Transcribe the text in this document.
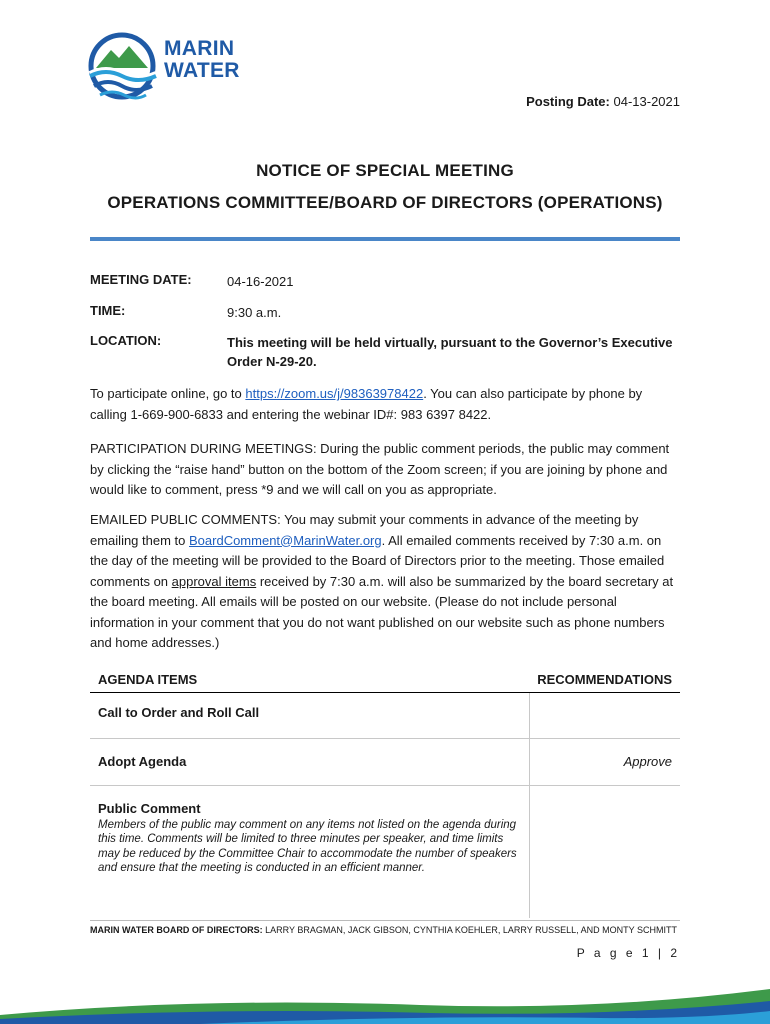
MARIN
WATER
Posting Date: 04-13-2021
NOTICE OF SPECIAL MEETING
OPERATIONS COMMITTEE/BOARD OF DIRECTORS (OPERATIONS)
MEETING DATE:	04-16-2021
TIME:	9:30 a.m.
LOCATION:	This meeting will be held virtually, pursuant to the Governor’s Executive Order N-29-20.
To participate online, go to https://zoom.us/j/98363978422. You can also participate by phone by calling 1-669-900-6833 and entering the webinar ID#: 983 6397 8422.
PARTICIPATION DURING MEETINGS: During the public comment periods, the public may comment by clicking the “raise hand” button on the bottom of the Zoom screen; if you are joining by phone and would like to comment, press *9 and we will call on you as appropriate.
EMAILED PUBLIC COMMENTS: You may submit your comments in advance of the meeting by emailing them to BoardComment@MarinWater.org. All emailed comments received by 7:30 a.m. on the day of the meeting will be provided to the Board of Directors prior to the meeting. Those emailed comments on approval items received by 7:30 a.m. will also be summarized by the board secretary at the board meeting. All emails will be posted on our website. (Please do not include personal information in your comment that you do not want published on our website such as phone numbers and home addresses.)
AGENDA ITEMS	RECOMMENDATIONS
Call to Order and Roll Call
Adopt Agenda	Approve
Public Comment
Members of the public may comment on any items not listed on the agenda during this time. Comments will be limited to three minutes per speaker, and time limits may be reduced by the Committee Chair to accommodate the number of speakers and ensure that the meeting is conducted in an efficient manner.
MARIN WATER BOARD OF DIRECTORS: LARRY BRAGMAN, JACK GIBSON, CYNTHIA KOEHLER, LARRY RUSSELL, AND MONTY SCHMITT
P a g e 1 | 2
